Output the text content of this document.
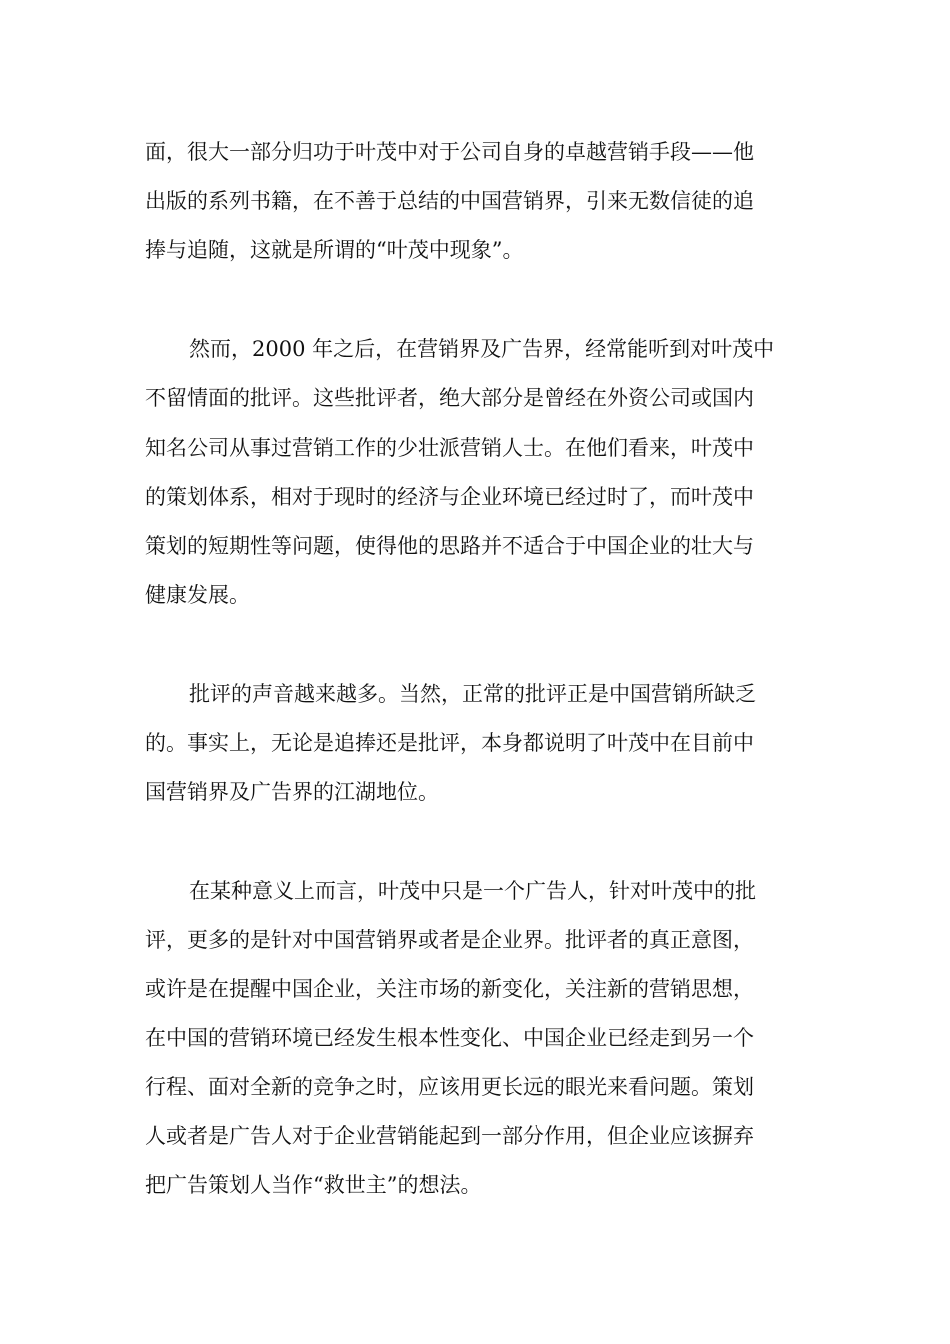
面，很大一部分归功于叶茂中对于公司自身的卓越营销手段——他
出版的系列书籍，在不善于总结的中国营销界，引来无数信徒的追
捧与追随，这就是所谓的“叶茂中现象”。
然而，2000 年之后，在营销界及广告界，经常能听到对叶茂中
不留情面的批评。这些批评者，绝大部分是曾经在外资公司或国内
知名公司从事过营销工作的少壮派营销人士。在他们看来，叶茂中
的策划体系，相对于现时的经济与企业环境已经过时了，而叶茂中
策划的短期性等问题，使得他的思路并不适合于中国企业的壮大与
健康发展。
批评的声音越来越多。当然，正常的批评正是中国营销所缺乏
的。事实上，无论是追捧还是批评，本身都说明了叶茂中在目前中
国营销界及广告界的江湖地位。
在某种意义上而言，叶茂中只是一个广告人，针对叶茂中的批
评，更多的是针对中国营销界或者是企业界。批评者的真正意图，
或许是在提醒中国企业，关注市场的新变化，关注新的营销思想，
在中国的营销环境已经发生根本性变化、中国企业已经走到另一个
行程、面对全新的竞争之时，应该用更长远的眼光来看问题。策划
人或者是广告人对于企业营销能起到一部分作用，但企业应该摒弃
把广告策划人当作“救世主”的想法。
